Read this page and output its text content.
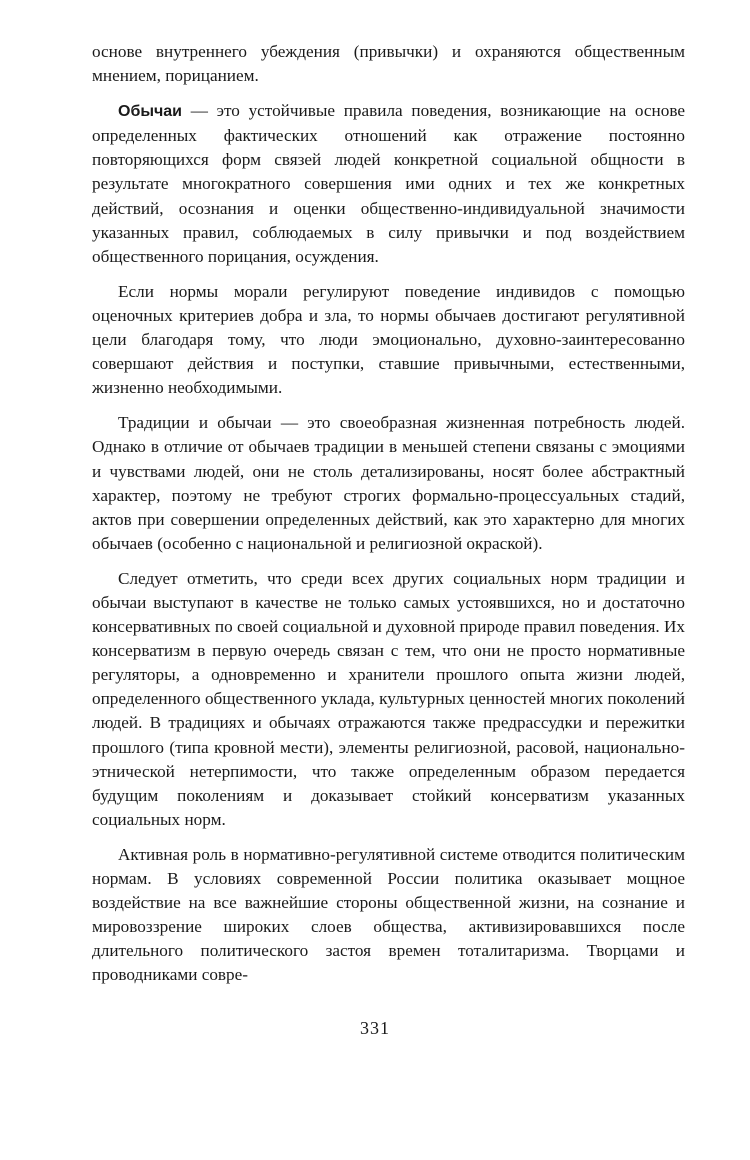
основе внутреннего убеждения (привычки) и охраняются общественным мнением, порицанием.

Обычаи — это устойчивые правила поведения, возникающие на основе определенных фактических отношений как отражение постоянно повторяющихся форм связей людей конкретной социальной общности в результате многократного совершения ими одних и тех же конкретных действий, осознания и оценки общественно-индивидуальной значимости указанных правил, соблюдаемых в силу привычки и под воздействием общественного порицания, осуждения.

Если нормы морали регулируют поведение индивидов с помощью оценочных критериев добра и зла, то нормы обычаев достигают регулятивной цели благодаря тому, что люди эмоционально, духовно-заинтересованно совершают действия и поступки, ставшие привычными, естественными, жизненно необходимыми.

Традиции и обычаи — это своеобразная жизненная потребность людей. Однако в отличие от обычаев традиции в меньшей степени связаны с эмоциями и чувствами людей, они не столь детализированы, носят более абстрактный характер, поэтому не требуют строгих формально-процессуальных стадий, актов при совершении определенных действий, как это характерно для многих обычаев (особенно с национальной и религиозной окраской).

Следует отметить, что среди всех других социальных норм традиции и обычаи выступают в качестве не только самых устоявшихся, но и достаточно консервативных по своей социальной и духовной природе правил поведения. Их консерватизм в первую очередь связан с тем, что они не просто нормативные регуляторы, а одновременно и хранители прошлого опыта жизни людей, определенного общественного уклада, культурных ценностей многих поколений людей. В традициях и обычаях отражаются также предрассудки и пережитки прошлого (типа кровной мести), элементы религиозной, расовой, национально-этнической нетерпимости, что также определенным образом передается будущим поколениям и доказывает стойкий консерватизм указанных социальных норм.

Активная роль в нормативно-регулятивной системе отводится политическим нормам. В условиях современной России политика оказывает мощное воздействие на все важнейшие стороны общественной жизни, на сознание и мировоззрение широких слоев общества, активизировавшихся после длительного политического застоя времен тоталитаризма. Творцами и проводниками совре-

331
